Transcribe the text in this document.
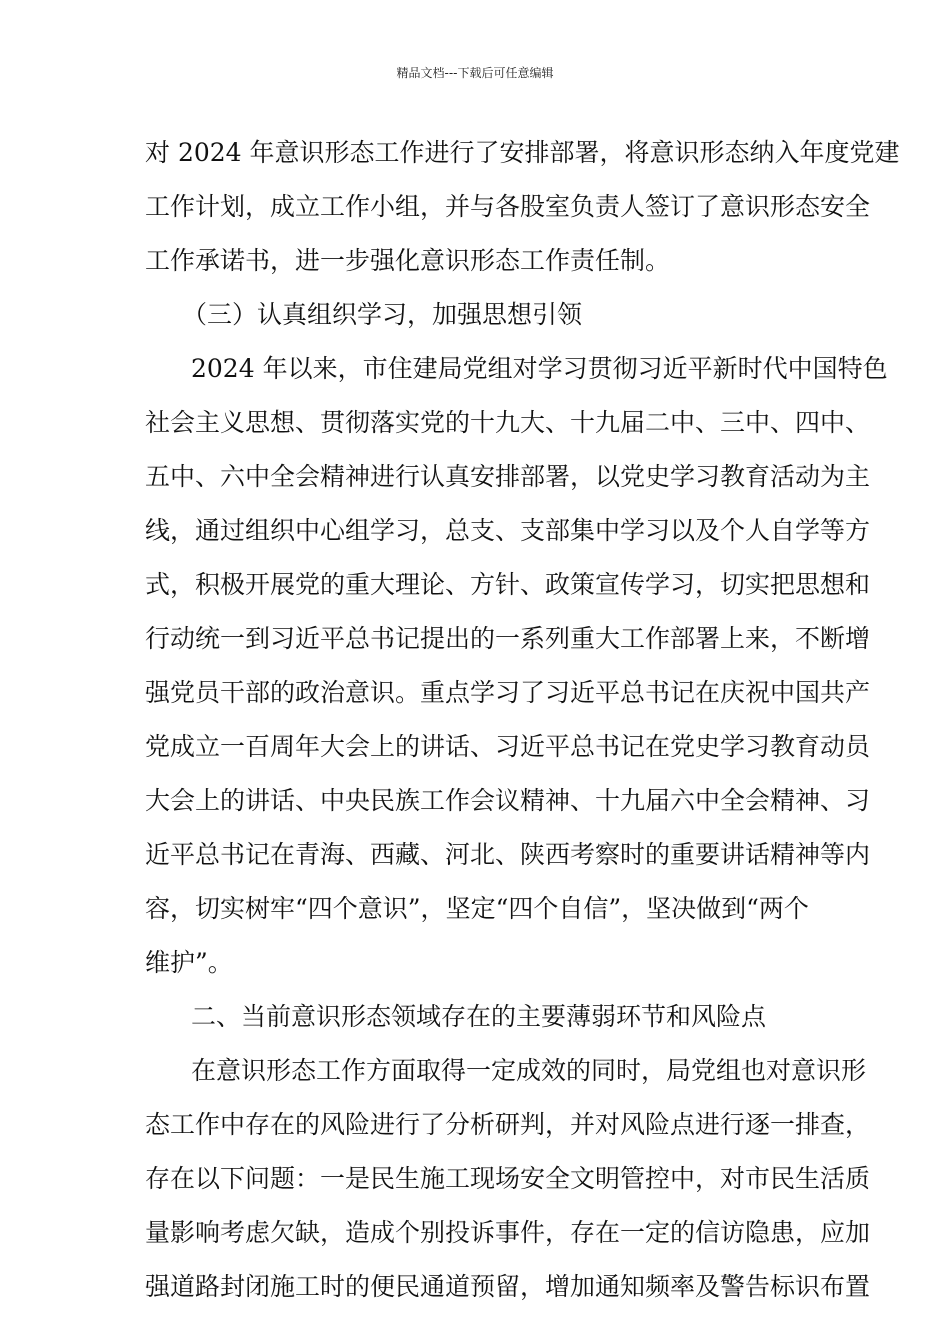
精品文档---下载后可任意编辑
对 2024 年意识形态工作进行了安排部署，将意识形态纳入年度党建
工作计划，成立工作小组，并与各股室负责人签订了意识形态安全
工作承诺书，进一步强化意识形态工作责任制。
（三）认真组织学习，加强思想引领
2024 年以来，市住建局党组对学习贯彻习近平新时代中国特色
社会主义思想、贯彻落实党的十九大、十九届二中、三中、四中、
五中、六中全会精神进行认真安排部署，以党史学习教育活动为主
线，通过组织中心组学习，总支、支部集中学习以及个人自学等方
式，积极开展党的重大理论、方针、政策宣传学习，切实把思想和
行动统一到习近平总书记提出的一系列重大工作部署上来，不断增
强党员干部的政治意识。重点学习了习近平总书记在庆祝中国共产
党成立一百周年大会上的讲话、习近平总书记在党史学习教育动员
大会上的讲话、中央民族工作会议精神、十九届六中全会精神、习
近平总书记在青海、西藏、河北、陕西考察时的重要讲话精神等内
容，切实树牢“四个意识”，坚定“四个自信”，坚决做到“两个
维护”。
二、当前意识形态领域存在的主要薄弱环节和风险点
在意识形态工作方面取得一定成效的同时，局党组也对意识形
态工作中存在的风险进行了分析研判，并对风险点进行逐一排查，
存在以下问题：一是民生施工现场安全文明管控中，对市民生活质
量影响考虑欠缺，造成个别投诉事件，存在一定的信访隐患，应加
强道路封闭施工时的便民通道预留，增加通知频率及警告标识布置
